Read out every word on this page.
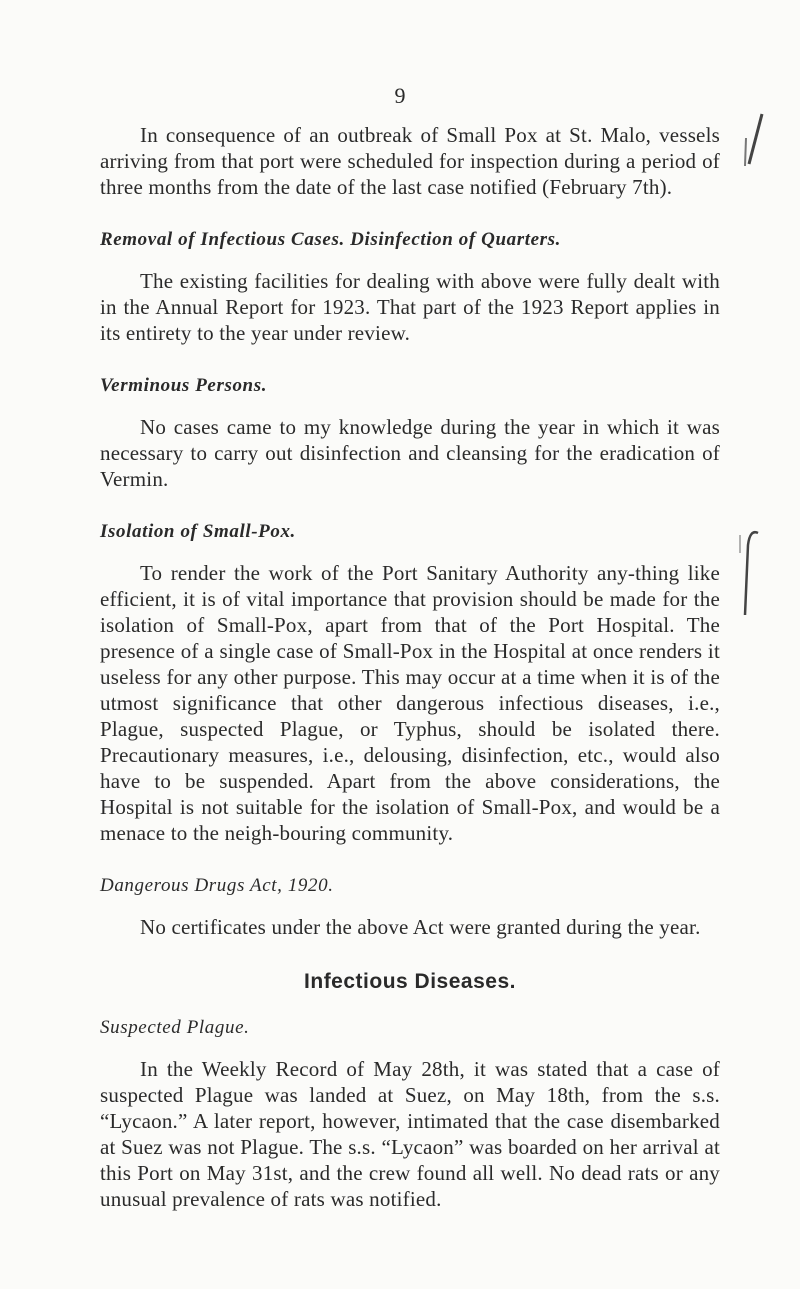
9

In consequence of an outbreak of Small Pox at St. Malo, vessels arriving from that port were scheduled for inspection during a period of three months from the date of the last case notified (February 7th).

Removal of Infectious Cases. Disinfection of Quarters.

The existing facilities for dealing with above were fully dealt with in the Annual Report for 1923. That part of the 1923 Report applies in its entirety to the year under review.

Verminous Persons.

No cases came to my knowledge during the year in which it was necessary to carry out disinfection and cleansing for the eradication of Vermin.

Isolation of Small-Pox.

To render the work of the Port Sanitary Authority any-thing like efficient, it is of vital importance that provision should be made for the isolation of Small-Pox, apart from that of the Port Hospital. The presence of a single case of Small-Pox in the Hospital at once renders it useless for any other purpose. This may occur at a time when it is of the utmost significance that other dangerous infectious diseases, i.e., Plague, suspected Plague, or Typhus, should be isolated there. Precautionary measures, i.e., delousing, disinfection, etc., would also have to be suspended. Apart from the above considerations, the Hospital is not suitable for the isolation of Small-Pox, and would be a menace to the neigh-bouring community.

Dangerous Drugs Act, 1920.

No certificates under the above Act were granted during the year.

Infectious Diseases.
Suspected Plague.

In the Weekly Record of May 28th, it was stated that a case of suspected Plague was landed at Suez, on May 18th, from the s.s. “Lycaon.” A later report, however, intimated that the case disembarked at Suez was not Plague. The s.s. “Lycaon” was boarded on her arrival at this Port on May 31st, and the crew found all well. No dead rats or any unusual prevalence of rats was notified.
